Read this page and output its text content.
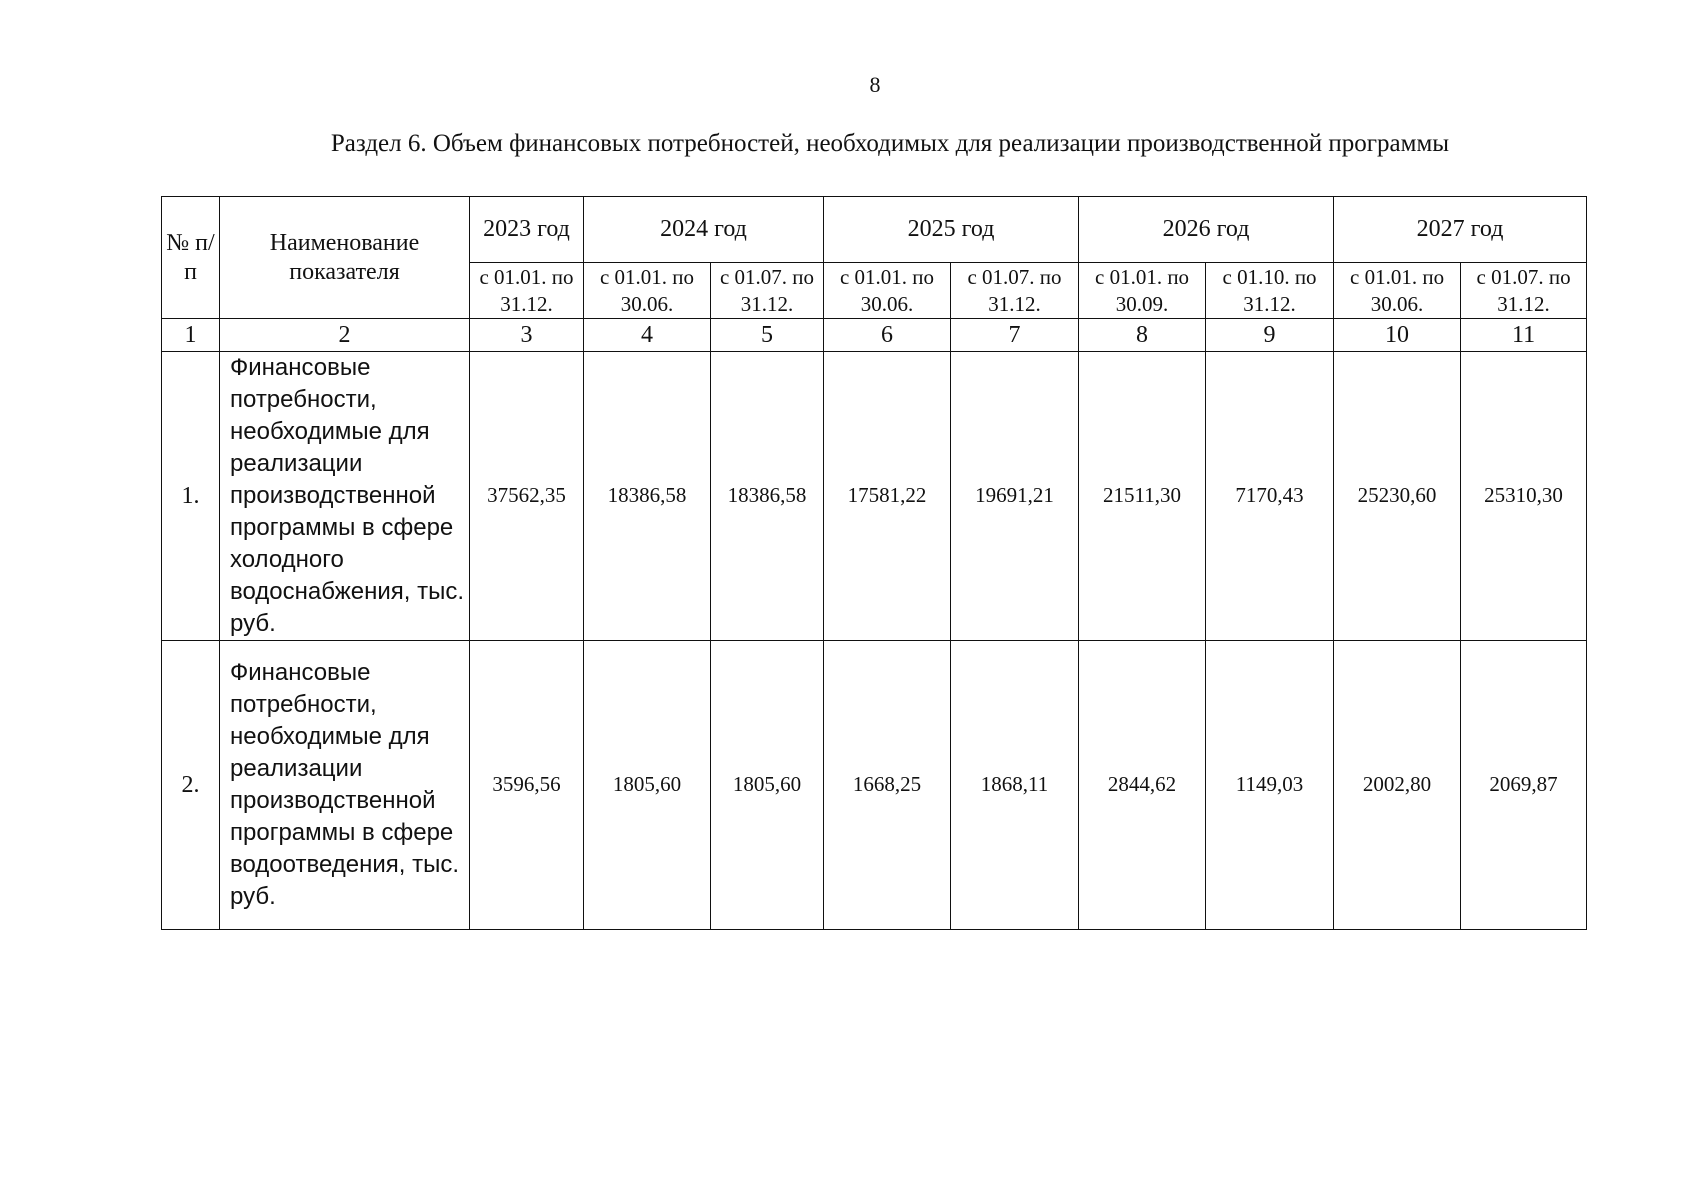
8
Раздел 6. Объем финансовых потребностей, необходимых для реализации производственной программы
№ п/п	Наименование показателя	2023 год	2024 год		2025 год		2026 год		2027 год	
		с 01.01. по 31.12.	с 01.01. по 30.06.	с 01.07. по 31.12.	с 01.01. по 30.06.	с 01.07. по 31.12.	с 01.01. по 30.09.	с 01.10. по 31.12.	с 01.01. по 30.06.	с 01.07. по 31.12.
1	2	3	4	5	6	7	8	9	10	11
1.	Финансовые потребности, необходимые для реализации производственной программы в сфере холодного водоснабжения, тыс. руб.	37562,35	18386,58	18386,58	17581,22	19691,21	21511,30	7170,43	25230,60	25310,30
2.	Финансовые потребности, необходимые для реализации производственной программы в сфере водоотведения, тыс. руб.	3596,56	1805,60	1805,60	1668,25	1868,11	2844,62	1149,03	2002,80	2069,87
